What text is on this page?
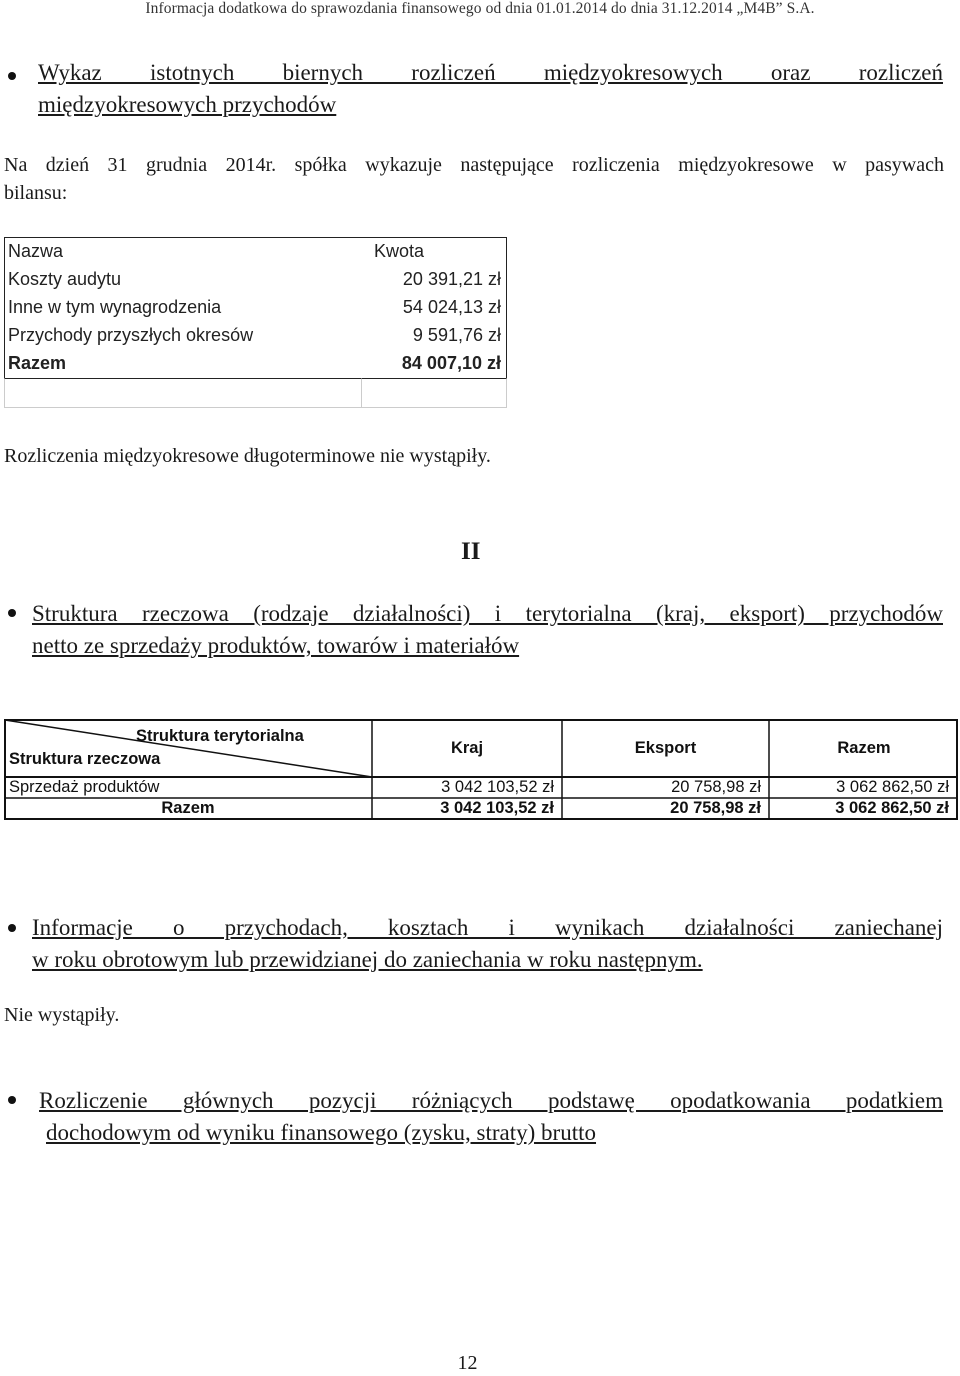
Informacja dodatkowa do sprawozdania finansowego od dnia 01.01.2014 do dnia 31.12.2014 „M4B” S.A.
Wykaz istotnych biernych rozliczeń międzyokresowych oraz rozliczeń
międzyokresowych przychodów
Na dzień 31 grudnia 2014r. spółka wykazuje następujące rozliczenia międzyokresowe w pasywach
bilansu:
Nazwa	Kwota
Koszty audytu	20 391,21 zł
Inne w tym wynagrodzenia	54 024,13 zł
Przychody przyszłych okresów	9 591,76 zł
Razem	84 007,10 zł
Rozliczenia międzyokresowe długoterminowe nie wystąpiły.
II
Struktura rzeczowa (rodzaje działalności) i terytorialna (kraj, eksport) przychodów
netto ze sprzedaży produktów, towarów i materiałów
Struktura terytorialna
Struktura rzeczowa
Kraj	Eksport	Razem
Sprzedaż produktów	3 042 103,52 zł	20 758,98 zł	3 062 862,50 zł
Razem	3 042 103,52 zł	20 758,98 zł	3 062 862,50 zł
Informacje o przychodach, kosztach i wynikach działalności zaniechanej
w roku obrotowym lub przewidzianej do zaniechania w roku następnym.
Nie wystąpiły.
Rozliczenie głównych pozycji różniących podstawę opodatkowania podatkiem
dochodowym od wyniku finansowego (zysku, straty) brutto
12
